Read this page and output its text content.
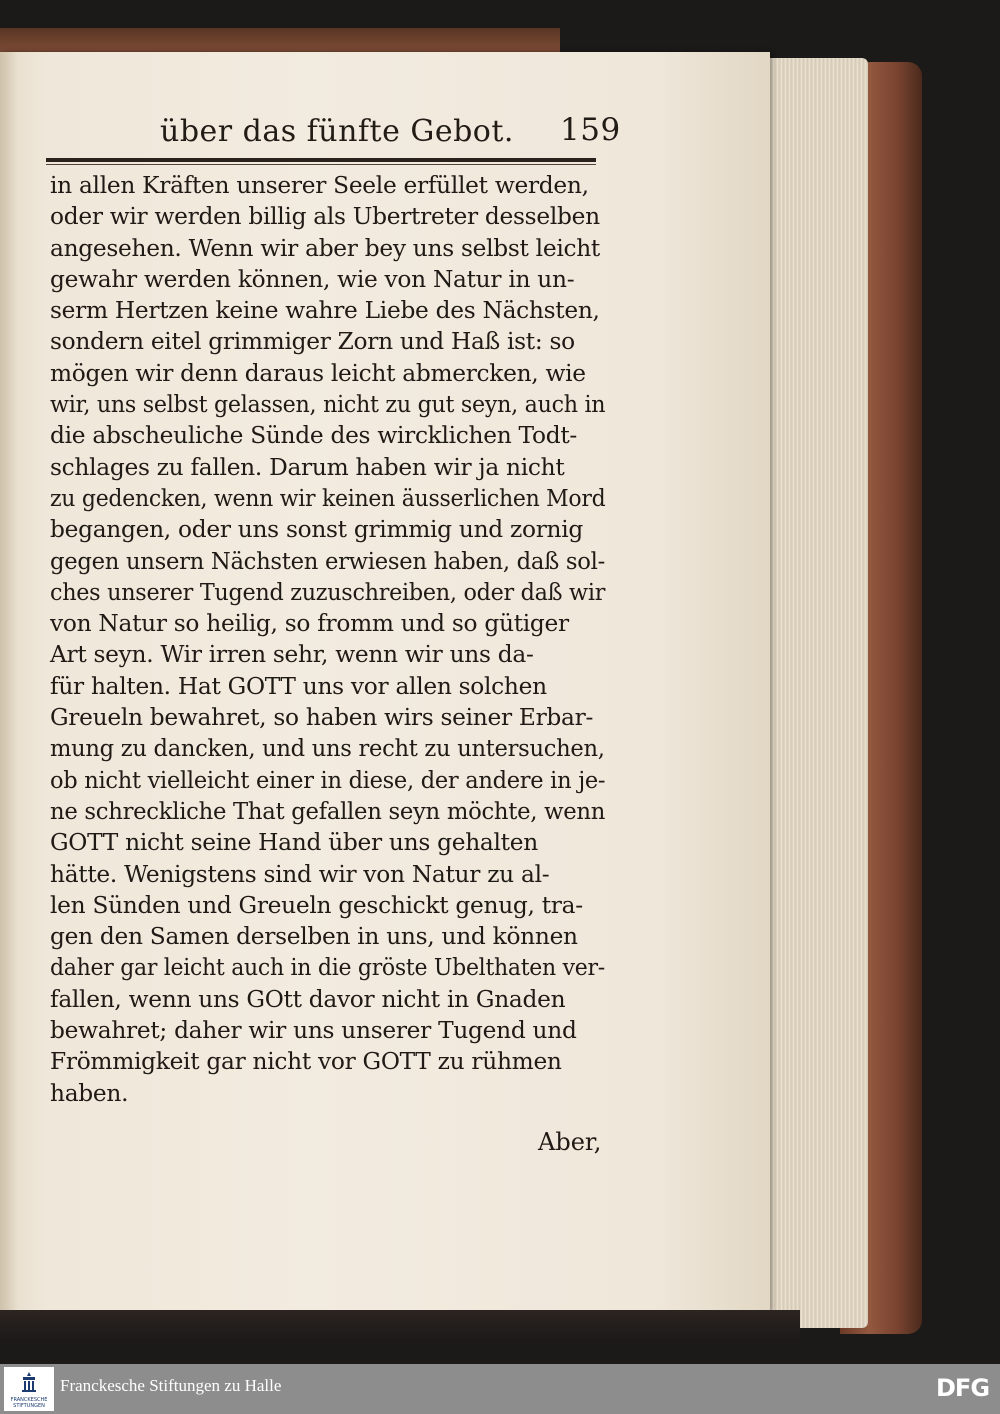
über das fünfte Gebot. 159
in allen Kräften unserer Seele erfüllet werden,
oder wir werden billig als Ubertreter desselben
angesehen. Wenn wir aber bey uns selbst leicht
gewahr werden können, wie von Natur in un-
serm Hertzen keine wahre Liebe des Nächsten,
sondern eitel grimmiger Zorn und Haß ist: so
mögen wir denn daraus leicht abmercken, wie
wir, uns selbst gelassen, nicht zu gut seyn, auch in
die abscheuliche Sünde des wircklichen Todt-
schlages zu fallen. Darum haben wir ja nicht
zu gedencken, wenn wir keinen äusserlichen Mord
begangen, oder uns sonst grimmig und zornig
gegen unsern Nächsten erwiesen haben, daß sol-
ches unserer Tugend zuzuschreiben, oder daß wir
von Natur so heilig, so fromm und so gütiger
Art seyn. Wir irren sehr, wenn wir uns da-
für halten. Hat GOTT uns vor allen solchen
Greueln bewahret, so haben wirs seiner Erbar-
mung zu dancken, und uns recht zu untersuchen,
ob nicht vielleicht einer in diese, der andere in je-
ne schreckliche That gefallen seyn möchte, wenn
GOTT nicht seine Hand über uns gehalten
hätte. Wenigstens sind wir von Natur zu al-
len Sünden und Greueln geschickt genug, tra-
gen den Samen derselben in uns, und können
daher gar leicht auch in die gröste Ubelthaten ver-
fallen, wenn uns GOtt davor nicht in Gnaden
bewahret; daher wir uns unserer Tugend und
Frömmigkeit gar nicht vor GOTT zu rühmen
haben.
Aber,
FRANCKESCHE STIFTUNGEN
Franckesche Stiftungen zu Halle	DFG
